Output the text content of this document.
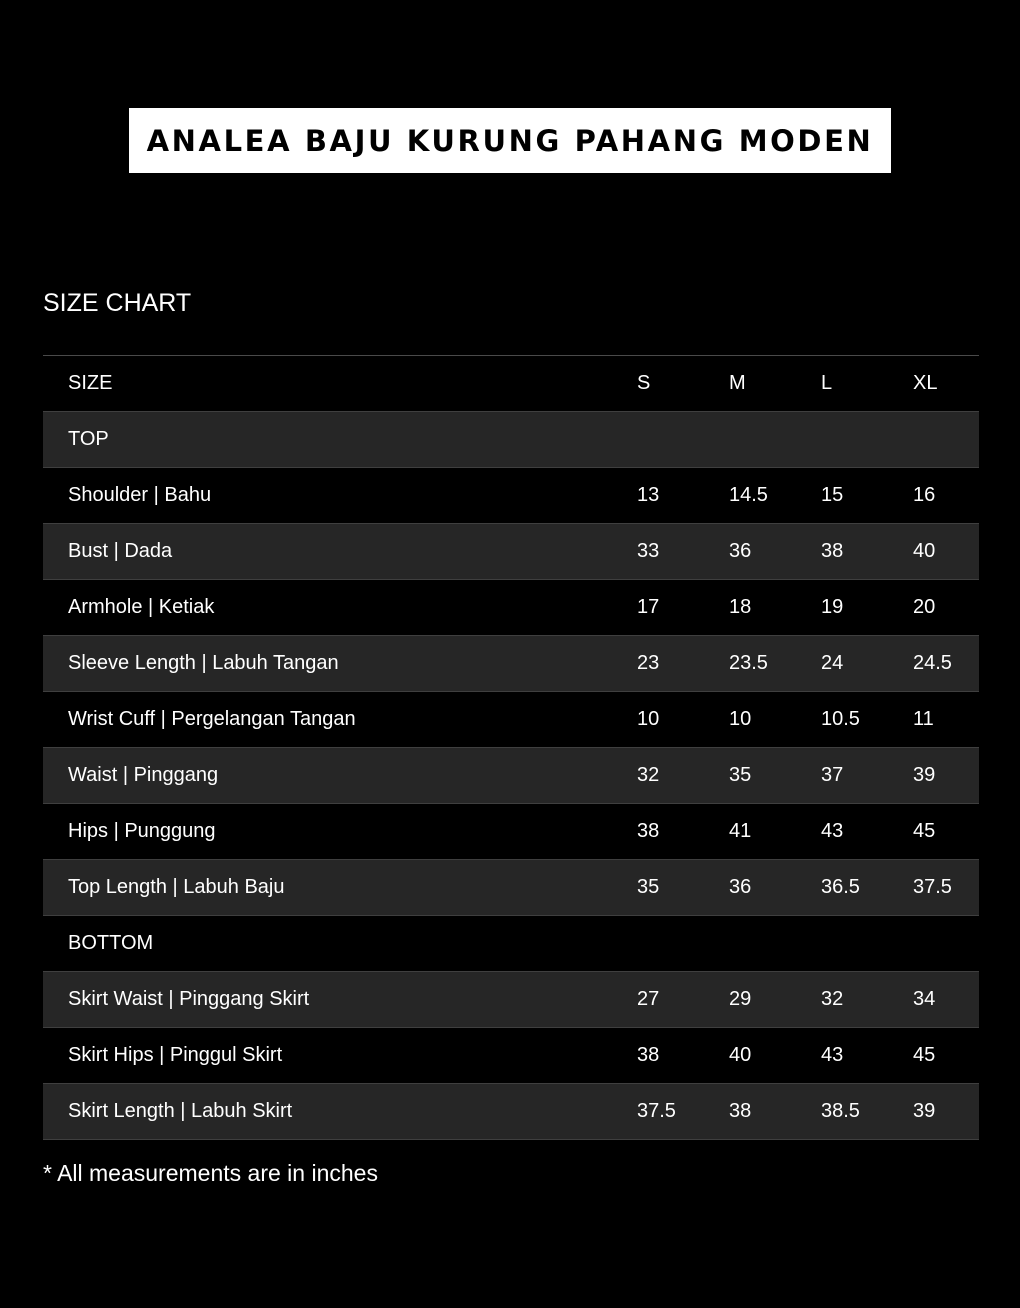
ANALEA BAJU KURUNG PAHANG MODEN
SIZE CHART
SIZE	S	M	L	XL
TOP
Shoulder | Bahu	13	14.5	15	16
Bust | Dada	33	36	38	40
Armhole | Ketiak	17	18	19	20
Sleeve Length | Labuh Tangan	23	23.5	24	24.5
Wrist Cuff | Pergelangan Tangan	10	10	10.5	11
Waist | Pinggang	32	35	37	39
Hips | Punggung	38	41	43	45
Top Length | Labuh Baju	35	36	36.5	37.5
BOTTOM
Skirt Waist | Pinggang Skirt	27	29	32	34
Skirt Hips | Pinggul Skirt	38	40	43	45
Skirt Length | Labuh Skirt	37.5	38	38.5	39
* All measurements are in inches
